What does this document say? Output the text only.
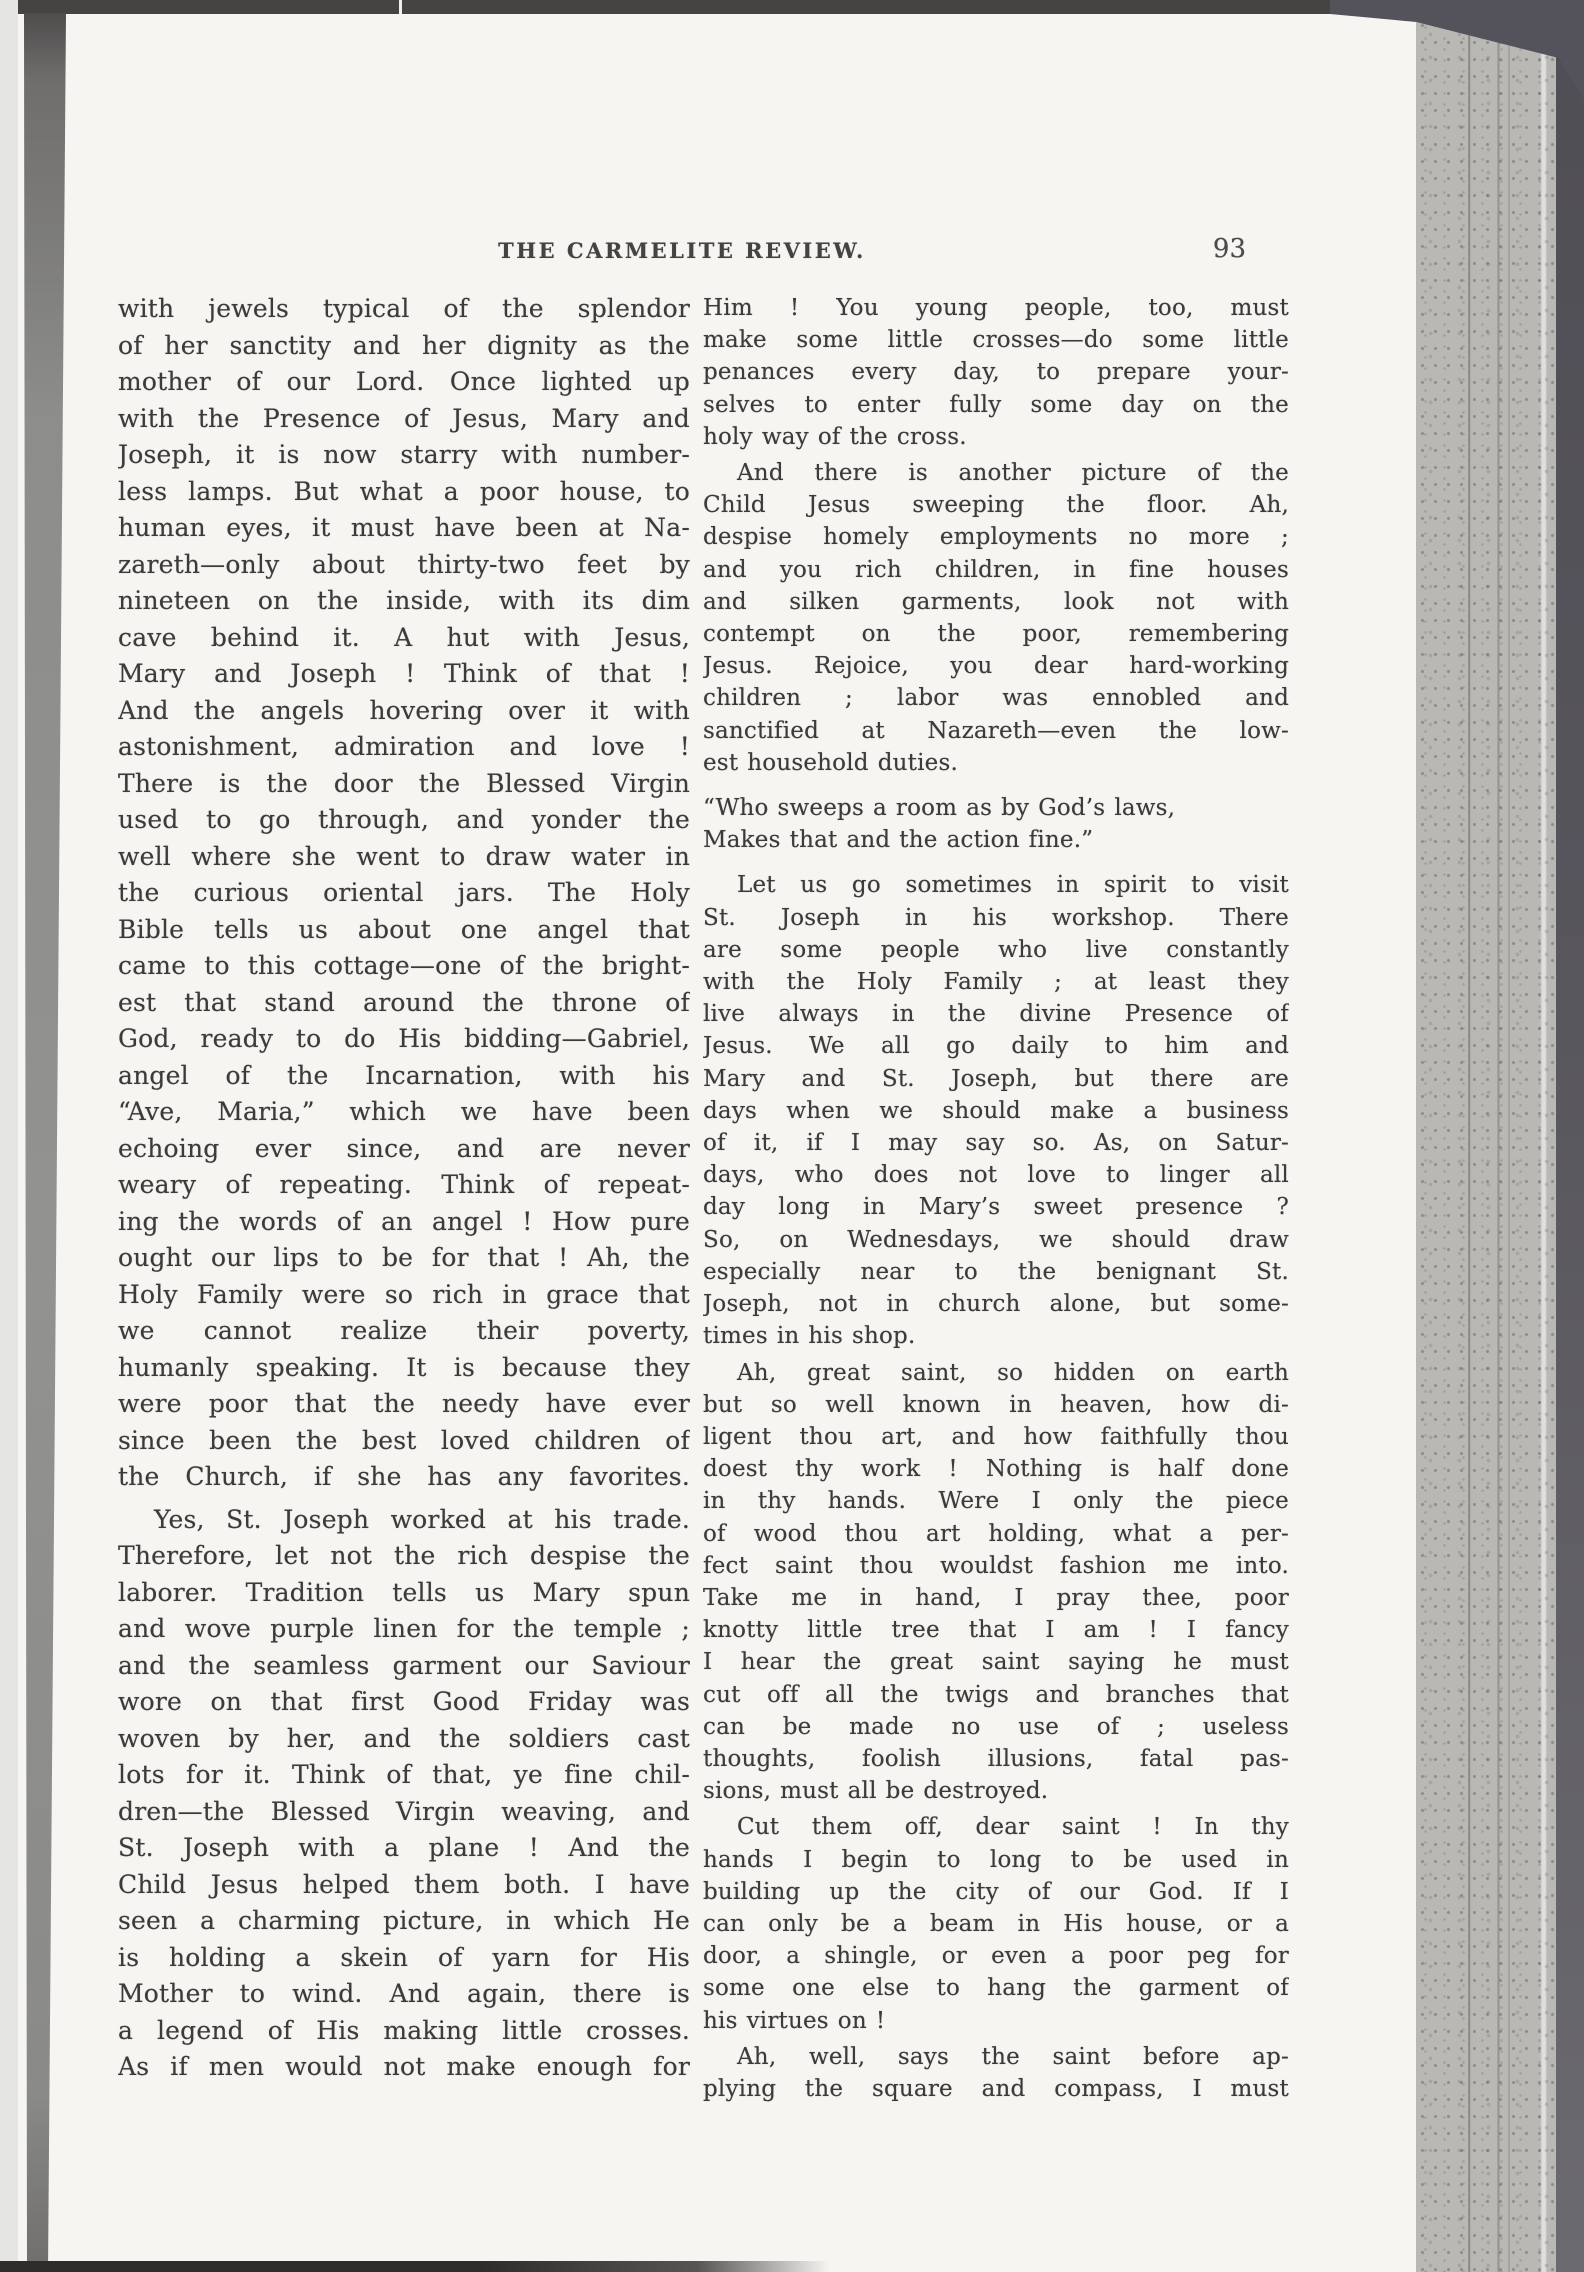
THE CARMELITE REVIEW.	93
with jewels typical of the splendor
of her sanctity and her dignity as the
mother of our Lord. Once lighted up
with the Presence of Jesus, Mary and
Joseph, it is now starry with number-
less lamps. But what a poor house, to
human eyes, it must have been at Na-
zareth—only about thirty-two feet by
nineteen on the inside, with its dim
cave behind it. A hut with Jesus,
Mary and Joseph ! Think of that !
And the angels hovering over it with
astonishment, admiration and love !
There is the door the Blessed Virgin
used to go through, and yonder the
well where she went to draw water in
the curious oriental jars. The Holy
Bible tells us about one angel that
came to this cottage—one of the bright-
est that stand around the throne of
God, ready to do His bidding—Gabriel,
angel of the Incarnation, with his
“Ave, Maria,” which we have been
echoing ever since, and are never
weary of repeating. Think of repeat-
ing the words of an angel ! How pure
ought our lips to be for that ! Ah, the
Holy Family were so rich in grace that
we cannot realize their poverty,
humanly speaking. It is because they
were poor that the needy have ever
since been the best loved children of
the Church, if she has any favorites.
Yes, St. Joseph worked at his trade.
Therefore, let not the rich despise the
laborer. Tradition tells us Mary spun
and wove purple linen for the temple ;
and the seamless garment our Saviour
wore on that first Good Friday was
woven by her, and the soldiers cast
lots for it. Think of that, ye fine chil-
dren—the Blessed Virgin weaving, and
St. Joseph with a plane ! And the
Child Jesus helped them both. I have
seen a charming picture, in which He
is holding a skein of yarn for His
Mother to wind. And again, there is
a legend of His making little crosses.
As if men would not make enough for
Him ! You young people, too, must
make some little crosses—do some little
penances every day, to prepare your-
selves to enter fully some day on the
holy way of the cross.
And there is another picture of the
Child Jesus sweeping the floor. Ah,
despise homely employments no more ;
and you rich children, in fine houses
and silken garments, look not with
contempt on the poor, remembering
Jesus. Rejoice, you dear hard-working
children ; labor was ennobled and
sanctified at Nazareth—even the low-
est household duties.
“Who sweeps a room as by God’s laws,
Makes that and the action fine.”
Let us go sometimes in spirit to visit
St. Joseph in his workshop. There
are some people who live constantly
with the Holy Family ; at least they
live always in the divine Presence of
Jesus. We all go daily to him and
Mary and St. Joseph, but there are
days when we should make a business
of it, if I may say so. As, on Satur-
days, who does not love to linger all
day long in Mary’s sweet presence ?
So, on Wednesdays, we should draw
especially near to the benignant St.
Joseph, not in church alone, but some-
times in his shop.
Ah, great saint, so hidden on earth
but so well known in heaven, how di-
ligent thou art, and how faithfully thou
doest thy work ! Nothing is half done
in thy hands. Were I only the piece
of wood thou art holding, what a per-
fect saint thou wouldst fashion me into.
Take me in hand, I pray thee, poor
knotty little tree that I am ! I fancy
I hear the great saint saying he must
cut off all the twigs and branches that
can be made no use of ; useless
thoughts, foolish illusions, fatal pas-
sions, must all be destroyed.
Cut them off, dear saint ! In thy
hands I begin to long to be used in
building up the city of our God. If I
can only be a beam in His house, or a
door, a shingle, or even a poor peg for
some one else to hang the garment of
his virtues on !
Ah, well, says the saint before ap-
plying the square and compass, I must
